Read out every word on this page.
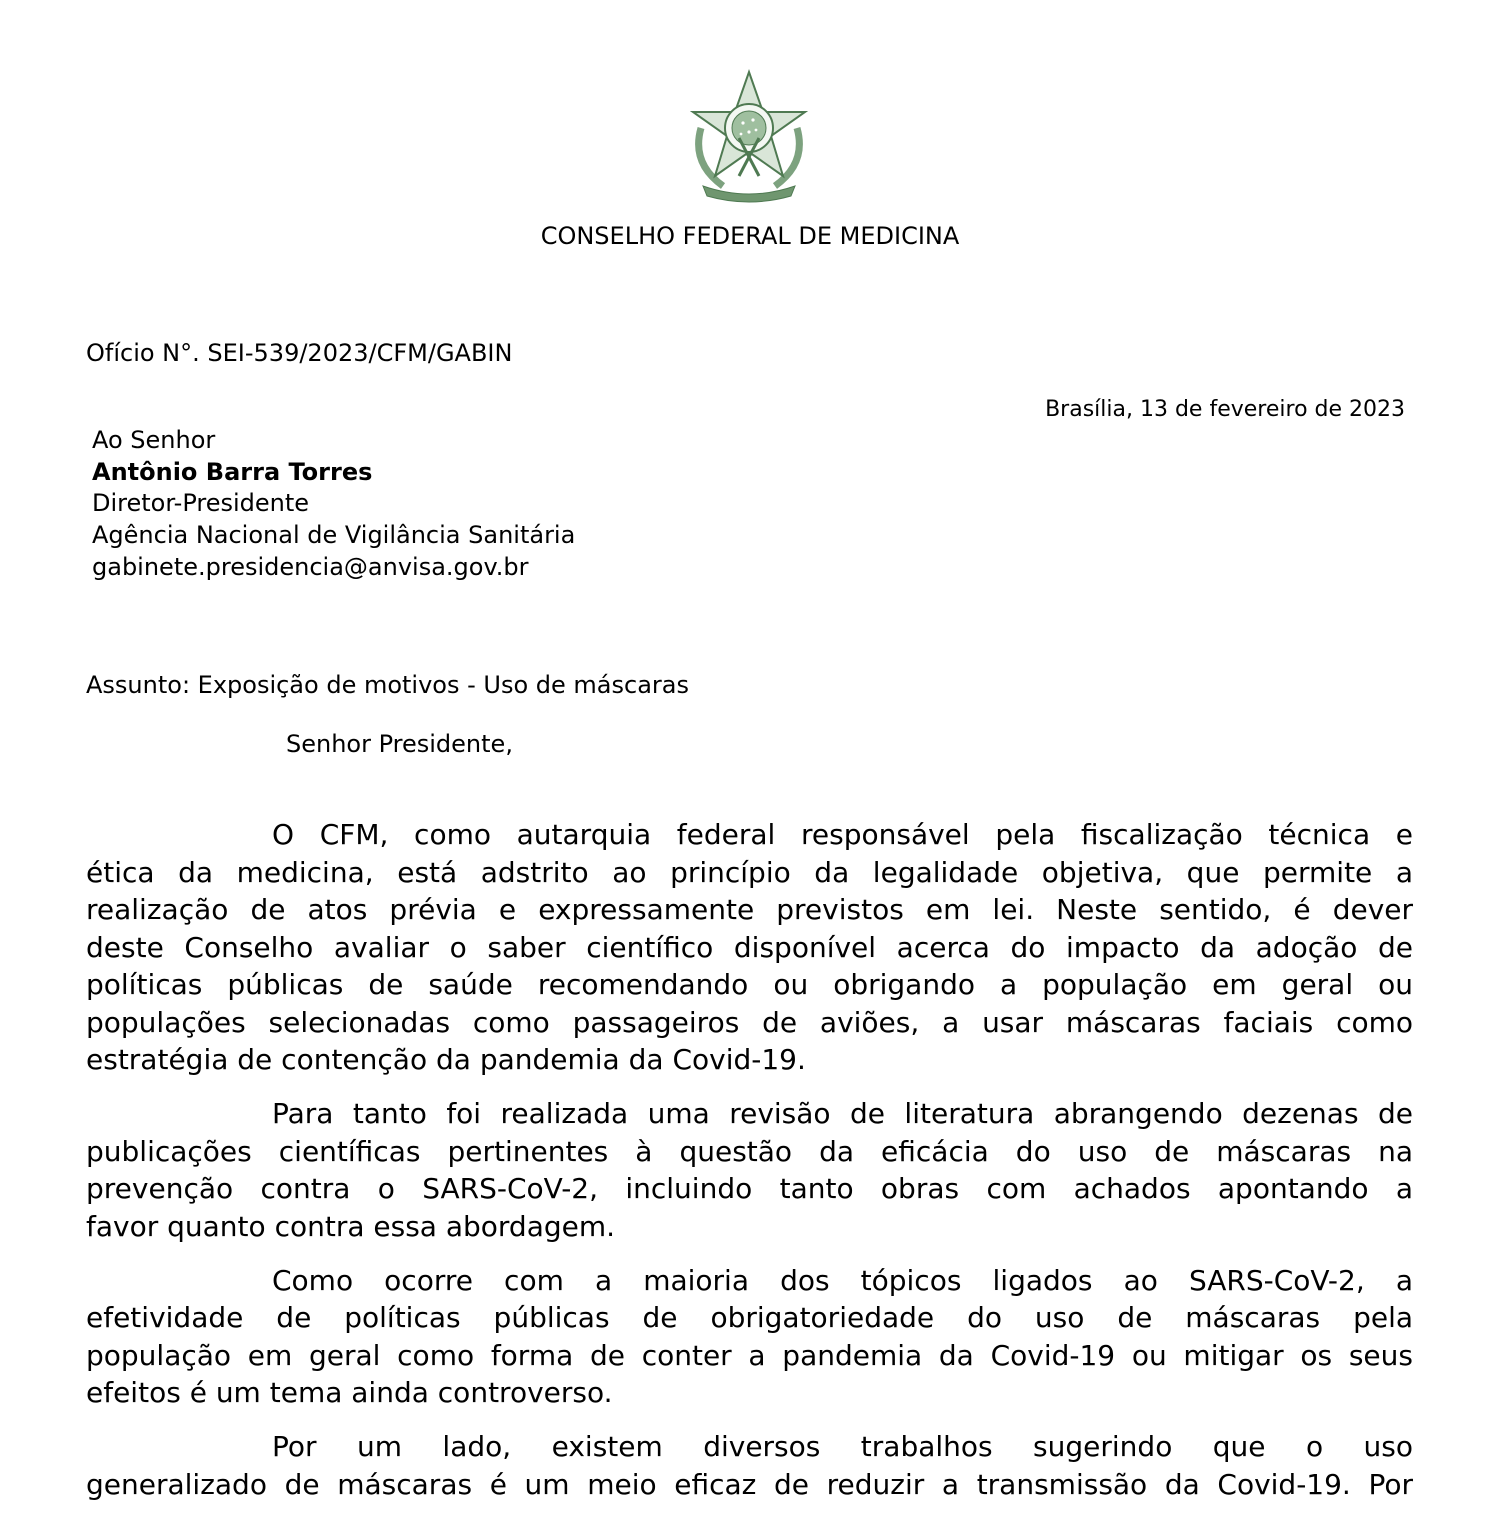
CONSELHO FEDERAL DE MEDICINA
Ofício N°. SEI-539/2023/CFM/GABIN
Brasília, 13 de fevereiro de 2023
Ao Senhor
Antônio Barra Torres
Diretor-Presidente
Agência Nacional de Vigilância Sanitária
gabinete.presidencia@anvisa.gov.br
Assunto: Exposição de motivos - Uso de máscaras
Senhor Presidente,
O CFM, como autarquia federal responsável pela fiscalização técnica e
ética da medicina, está adstrito ao princípio da legalidade objetiva, que permite a
realização de atos prévia e expressamente previstos em lei. Neste sentido, é dever
deste Conselho avaliar o saber científico disponível acerca do impacto da adoção de
políticas públicas de saúde recomendando ou obrigando a população em geral ou
populações selecionadas como passageiros de aviões, a usar máscaras faciais como
estratégia de contenção da pandemia da Covid-19.
Para tanto foi realizada uma revisão de literatura abrangendo dezenas de
publicações científicas pertinentes à questão da eficácia do uso de máscaras na
prevenção contra o SARS-CoV-2, incluindo tanto obras com achados apontando a
favor quanto contra essa abordagem.
Como ocorre com a maioria dos tópicos ligados ao SARS-CoV-2, a
efetividade de políticas públicas de obrigatoriedade do uso de máscaras pela
população em geral como forma de conter a pandemia da Covid-19 ou mitigar os seus
efeitos é um tema ainda controverso.
Por um lado, existem diversos trabalhos sugerindo que o uso
generalizado de máscaras é um meio eficaz de reduzir a transmissão da Covid-19. Por
